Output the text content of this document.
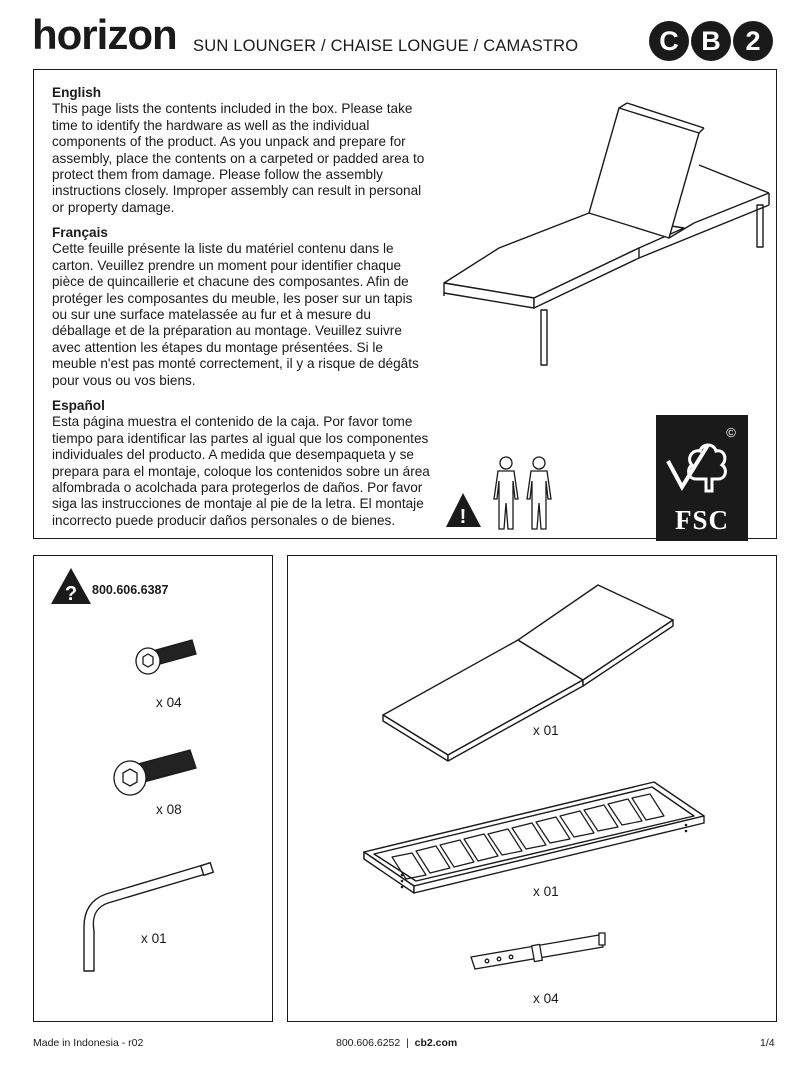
horizon SUN LOUNGER / CHAISE LONGUE / CAMASTRO	C B 2
English

This page lists the contents included in the box. Please take time to identify the hardware as well as the individual components of the product. As you unpack and prepare for assembly, place the contents on a carpeted or padded area to protect them from damage. Please follow the assembly instructions closely. Improper assembly can result in personal or property damage.

Français

Cette feuille présente la liste du matériel contenu dans le carton. Veuillez prendre un moment pour identifier chaque pièce de quincaillerie et chacune des composantes. Afin de protéger les composantes du meuble, les poser sur un tapis ou sur une surface matelassée au fur et à mesure du déballage et de la préparation au montage. Veuillez suivre avec attention les étapes du montage présentées. Si le meuble n'est pas monté correctement, il y a risque de dégâts pour vous ou vos biens.

Español

Esta página muestra el contenido de la caja. Por favor tome tiempo para identificar las partes al igual que los componentes individuales del producto. A medida que desempaqueta y se prepara para el montaje, coloque los contenidos sobre un área alfombrada o acolchada para protegerlos de daños. Por favor siga las instrucciones de montaje al pie de la letra. El montaje incorrecto puede producir daños personales o de bienes.	!
©
FSC
? 800.606.6387
x 04
x 08
x 01
x 01
x 01
x 04
Made in Indonesia - r02	800.606.6252 | cb2.com	1/4
